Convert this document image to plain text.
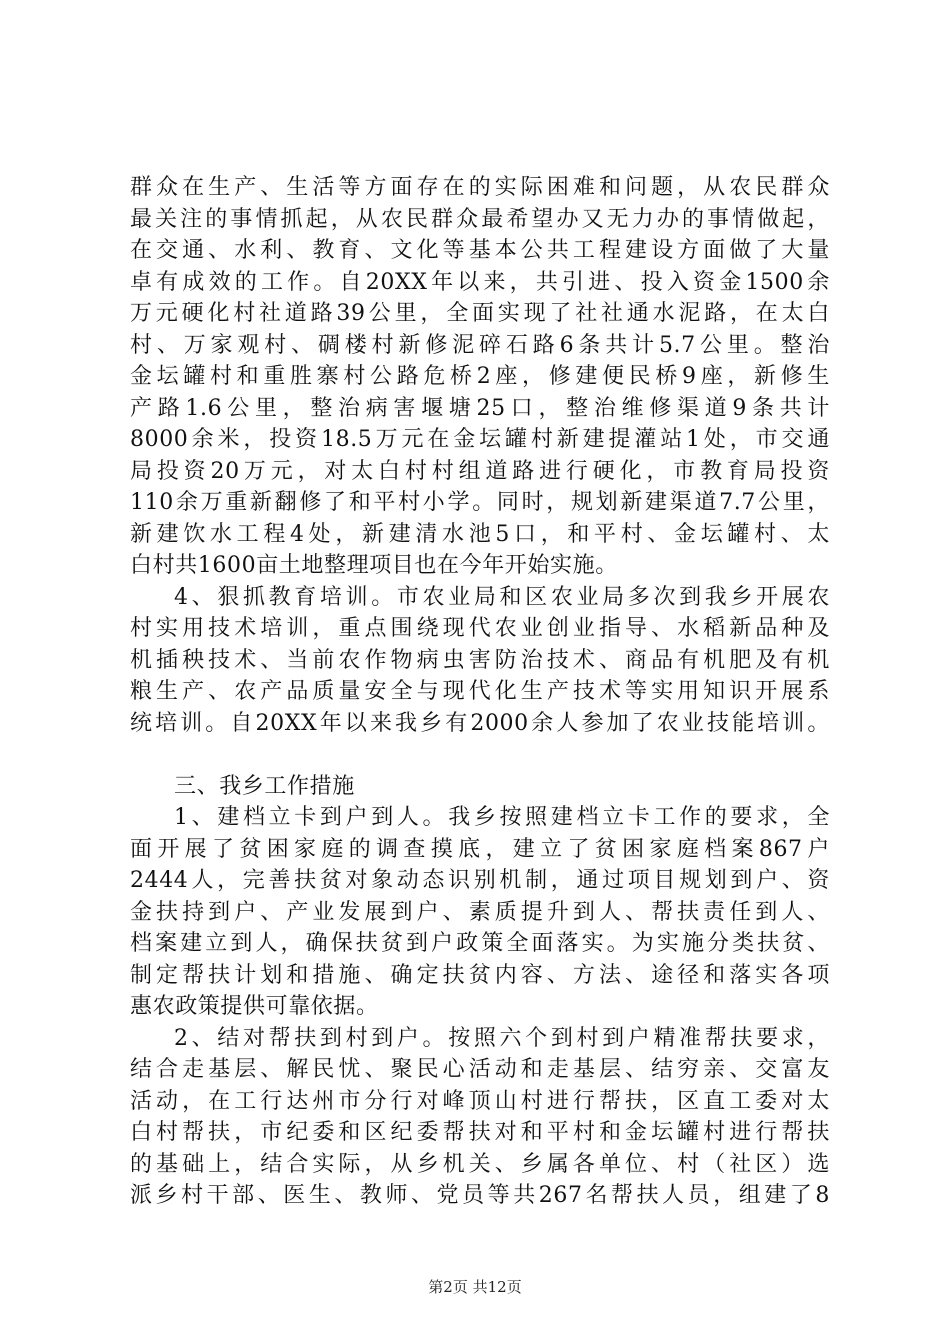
群众在生产、生活等方面存在的实际困难和问题，从农民群众
最关注的事情抓起，从农民群众最希望办又无力办的事情做起，
在交通、水利、教育、文化等基本公共工程建设方面做了大量
卓有成效的工作。自20XX年以来，共引进、投入资金1500余
万元硬化村社道路39公里，全面实现了社社通水泥路，在太白
村、万家观村、碉楼村新修泥碎石路6条共计5.7公里。整治
金坛罐村和重胜寨村公路危桥2座，修建便民桥9座，新修生
产路1.6公里，整治病害堰塘25口，整治维修渠道9条共计
8000余米，投资18.5万元在金坛罐村新建提灌站1处，市交通
局投资20万元，对太白村村组道路进行硬化，市教育局投资
110余万重新翻修了和平村小学。同时，规划新建渠道7.7公里，
新建饮水工程4处，新建清水池5口，和平村、金坛罐村、太
白村共1600亩土地整理项目也在今年开始实施。
4、狠抓教育培训。市农业局和区农业局多次到我乡开展农
村实用技术培训，重点围绕现代农业创业指导、水稻新品种及
机插秧技术、当前农作物病虫害防治技术、商品有机肥及有机
粮生产、农产品质量安全与现代化生产技术等实用知识开展系
统培训。自20XX年以来我乡有2000余人参加了农业技能培训。
三、我乡工作措施
1、建档立卡到户到人。我乡按照建档立卡工作的要求，全
面开展了贫困家庭的调查摸底，建立了贫困家庭档案867户
2444人，完善扶贫对象动态识别机制，通过项目规划到户、资
金扶持到户、产业发展到户、素质提升到人、帮扶责任到人、
档案建立到人，确保扶贫到户政策全面落实。为实施分类扶贫、
制定帮扶计划和措施、确定扶贫内容、方法、途径和落实各项
惠农政策提供可靠依据。
2、结对帮扶到村到户。按照六个到村到户精准帮扶要求，
结合走基层、解民忧、聚民心活动和走基层、结穷亲、交富友
活动，在工行达州市分行对峰顶山村进行帮扶，区直工委对太
白村帮扶，市纪委和区纪委帮扶对和平村和金坛罐村进行帮扶
的基础上，结合实际，从乡机关、乡属各单位、村（社区）选
派乡村干部、医生、教师、党员等共267名帮扶人员，组建了8
第2页 共12页
